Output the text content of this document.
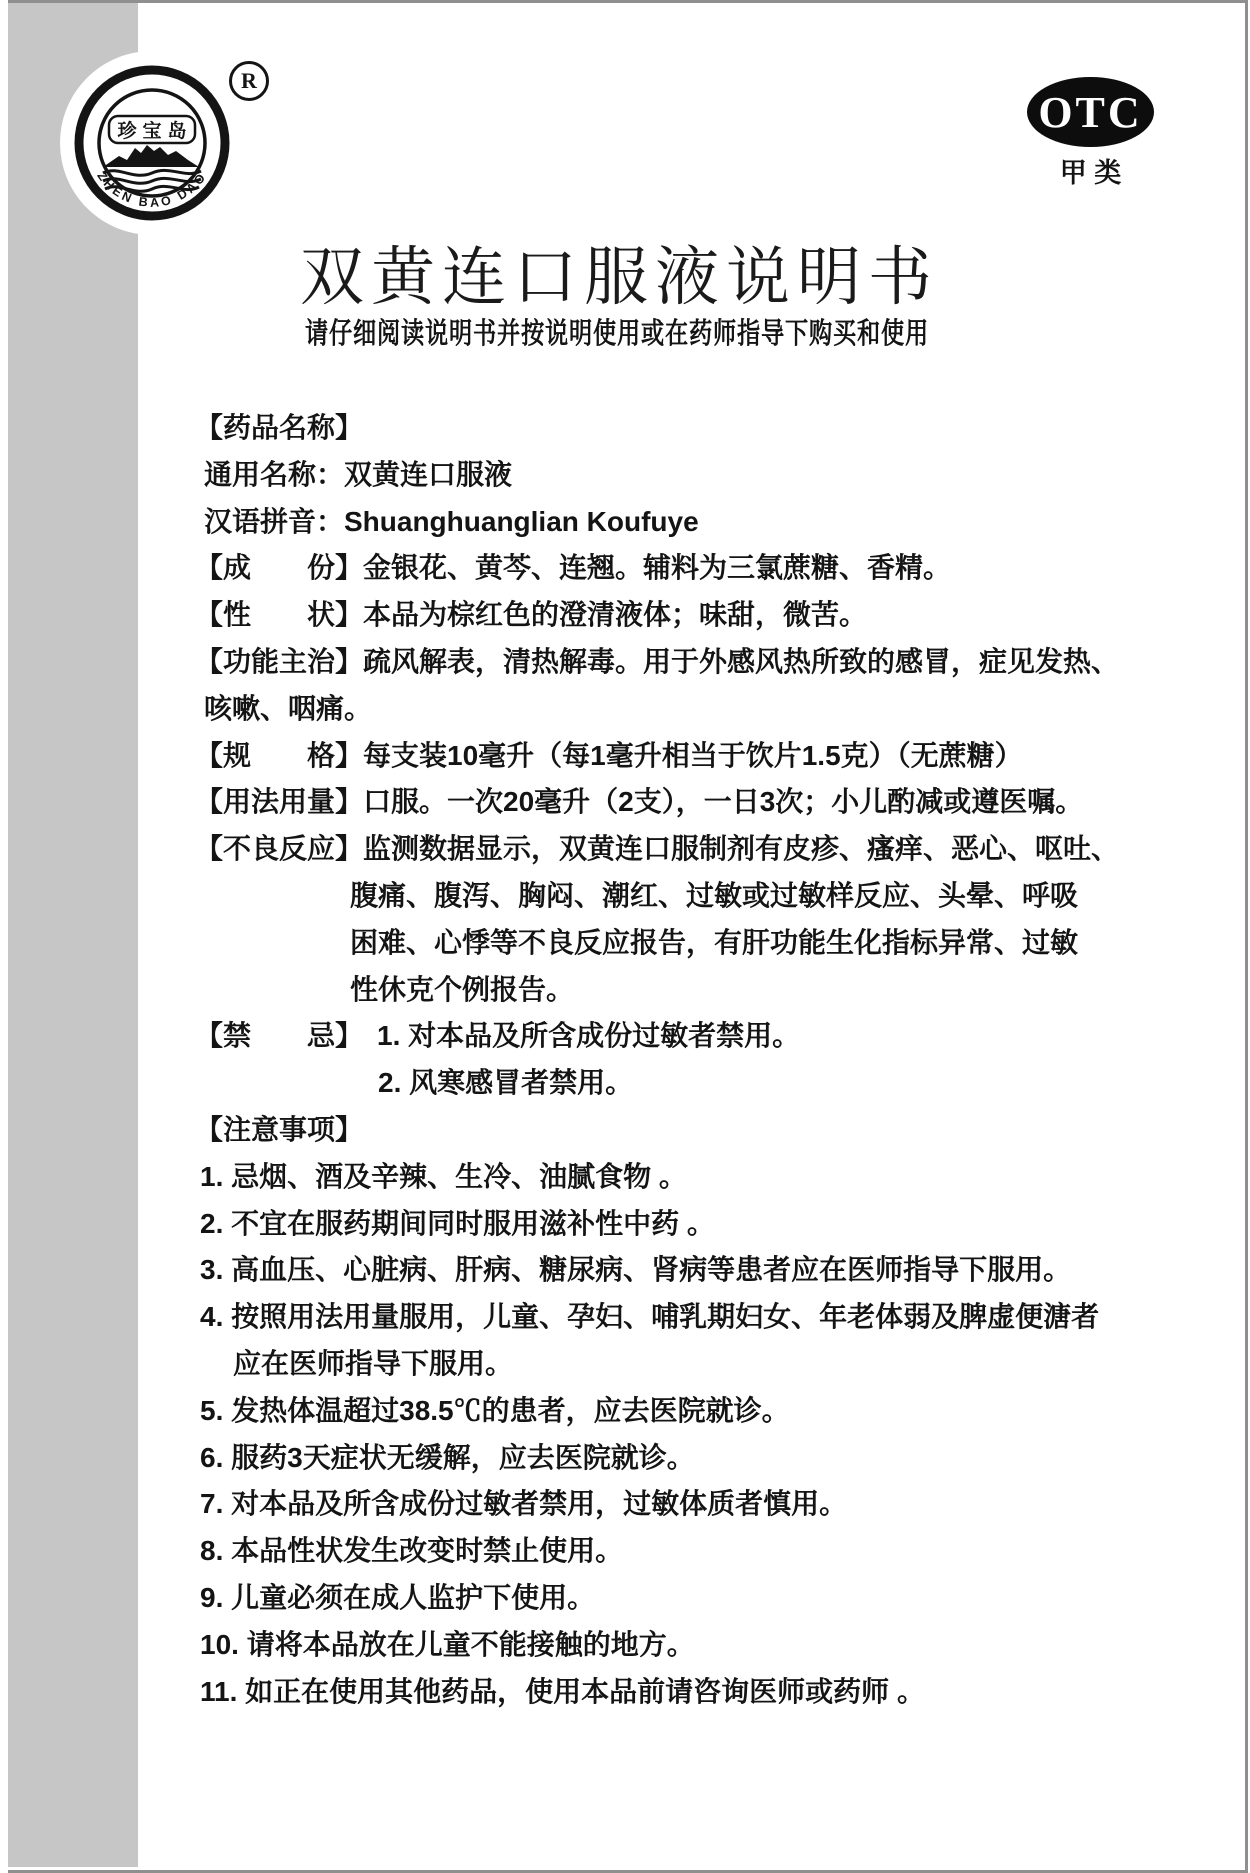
珍宝岛
ZHEN BAO DAO
R
OTC
甲 类
双黄连口服液说明书
请仔细阅读说明书并按说明使用或在药师指导下购买和使用
【药品名称】
通用名称：双黄连口服液
汉语拼音：Shuanghuanglian Koufuye
【成　　份】金银花、黄芩、连翘。辅料为三氯蔗糖、香精。
【性　　状】本品为棕红色的澄清液体；味甜，微苦。
【功能主治】疏风解表，清热解毒。用于外感风热所致的感冒，症见发热、
咳嗽、咽痛。
【规　　格】每支装10毫升（每1毫升相当于饮片1.5克）（无蔗糖）
【用法用量】口服。一次20毫升（2支），一日3次；小儿酌减或遵医嘱。
【不良反应】监测数据显示，双黄连口服制剂有皮疹、瘙痒、恶心、呕吐、
腹痛、腹泻、胸闷、潮红、过敏或过敏样反应、头晕、呼吸
困难、心悸等不良反应报告，有肝功能生化指标异常、过敏
性休克个例报告。
【禁　　忌】　1. 对本品及所含成份过敏者禁用。
2. 风寒感冒者禁用。
【注意事项】
1. 忌烟、酒及辛辣、生冷、油腻食物 。
2. 不宜在服药期间同时服用滋补性中药 。
3. 高血压、心脏病、肝病、糖尿病、肾病等患者应在医师指导下服用。
4. 按照用法用量服用，儿童、孕妇、哺乳期妇女、年老体弱及脾虚便溏者
应在医师指导下服用。
5. 发热体温超过38.5℃的患者，应去医院就诊。
6. 服药3天症状无缓解，应去医院就诊。
7. 对本品及所含成份过敏者禁用，过敏体质者慎用。
8. 本品性状发生改变时禁止使用。
9. 儿童必须在成人监护下使用。
10. 请将本品放在儿童不能接触的地方。
11. 如正在使用其他药品，使用本品前请咨询医师或药师 。
